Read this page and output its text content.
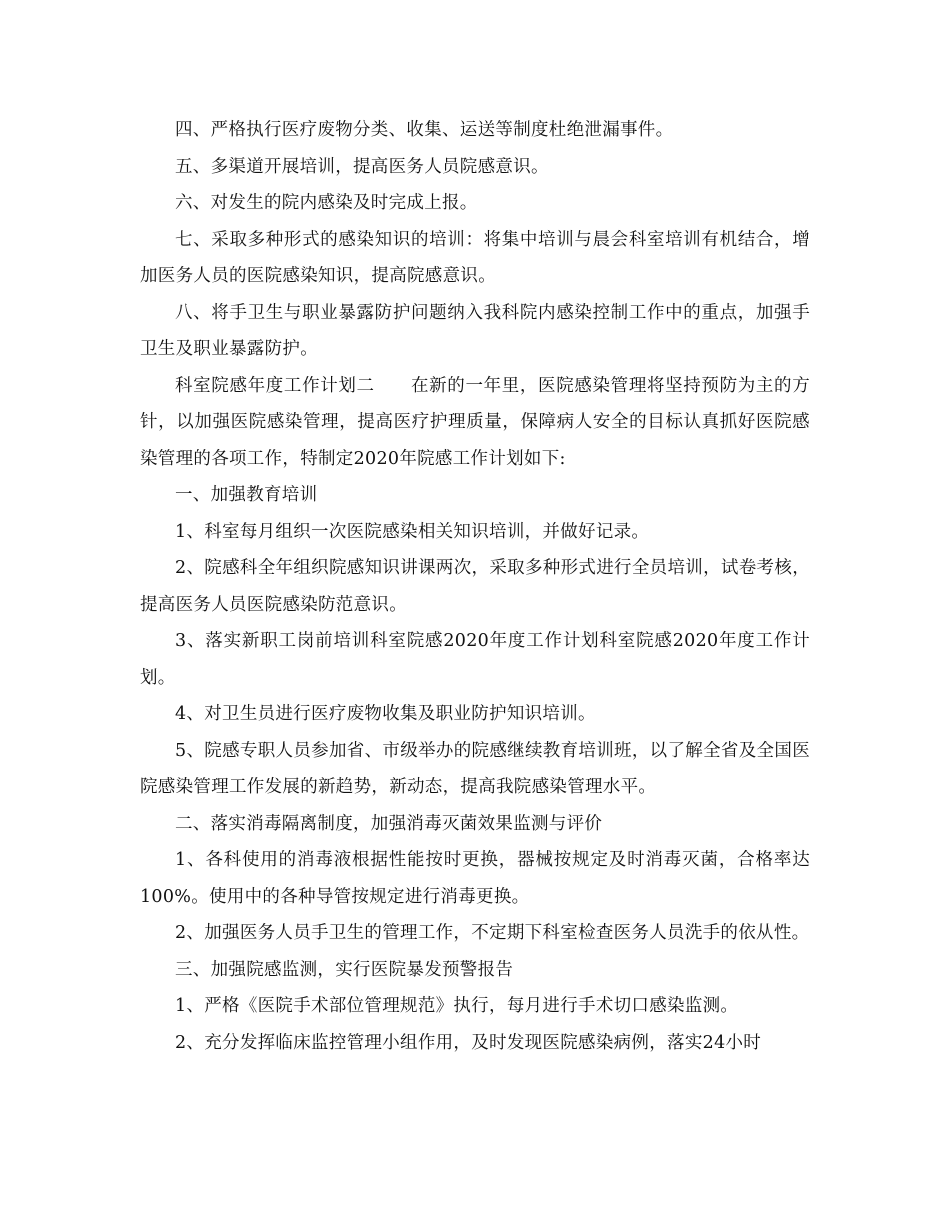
四、严格执行医疗废物分类、收集、运送等制度杜绝泄漏事件。

五、多渠道开展培训，提高医务人员院感意识。

六、对发生的院内感染及时完成上报。

七、采取多种形式的感染知识的培训：将集中培训与晨会科室培训有机结合，增加医务人员的医院感染知识，提高院感意识。

八、将手卫生与职业暴露防护问题纳入我科院内感染控制工作中的重点，加强手卫生及职业暴露防护。

科室院感年度工作计划二　　在新的一年里，医院感染管理将坚持预防为主的方针，以加强医院感染管理，提高医疗护理质量，保障病人安全的目标认真抓好医院感染管理的各项工作，特制定2020年院感工作计划如下:

一、加强教育培训

1、科室每月组织一次医院感染相关知识培训，并做好记录。

2、院感科全年组织院感知识讲课两次，采取多种形式进行全员培训，试卷考核，提高医务人员医院感染防范意识。

3、落实新职工岗前培训科室院感2020年度工作计划科室院感2020年度工作计划。

4、对卫生员进行医疗废物收集及职业防护知识培训。

5、院感专职人员参加省、市级举办的院感继续教育培训班，以了解全省及全国医院感染管理工作发展的新趋势，新动态，提高我院感染管理水平。

二、落实消毒隔离制度，加强消毒灭菌效果监测与评价

1、各科使用的消毒液根据性能按时更换，器械按规定及时消毒灭菌，合格率达100%。使用中的各种导管按规定进行消毒更换。

2、加强医务人员手卫生的管理工作，不定期下科室检查医务人员洗手的依从性。

三、加强院感监测，实行医院暴发预警报告

1、严格《医院手术部位管理规范》执行，每月进行手术切口感染监测。

2、充分发挥临床监控管理小组作用，及时发现医院感染病例，落实24小时
